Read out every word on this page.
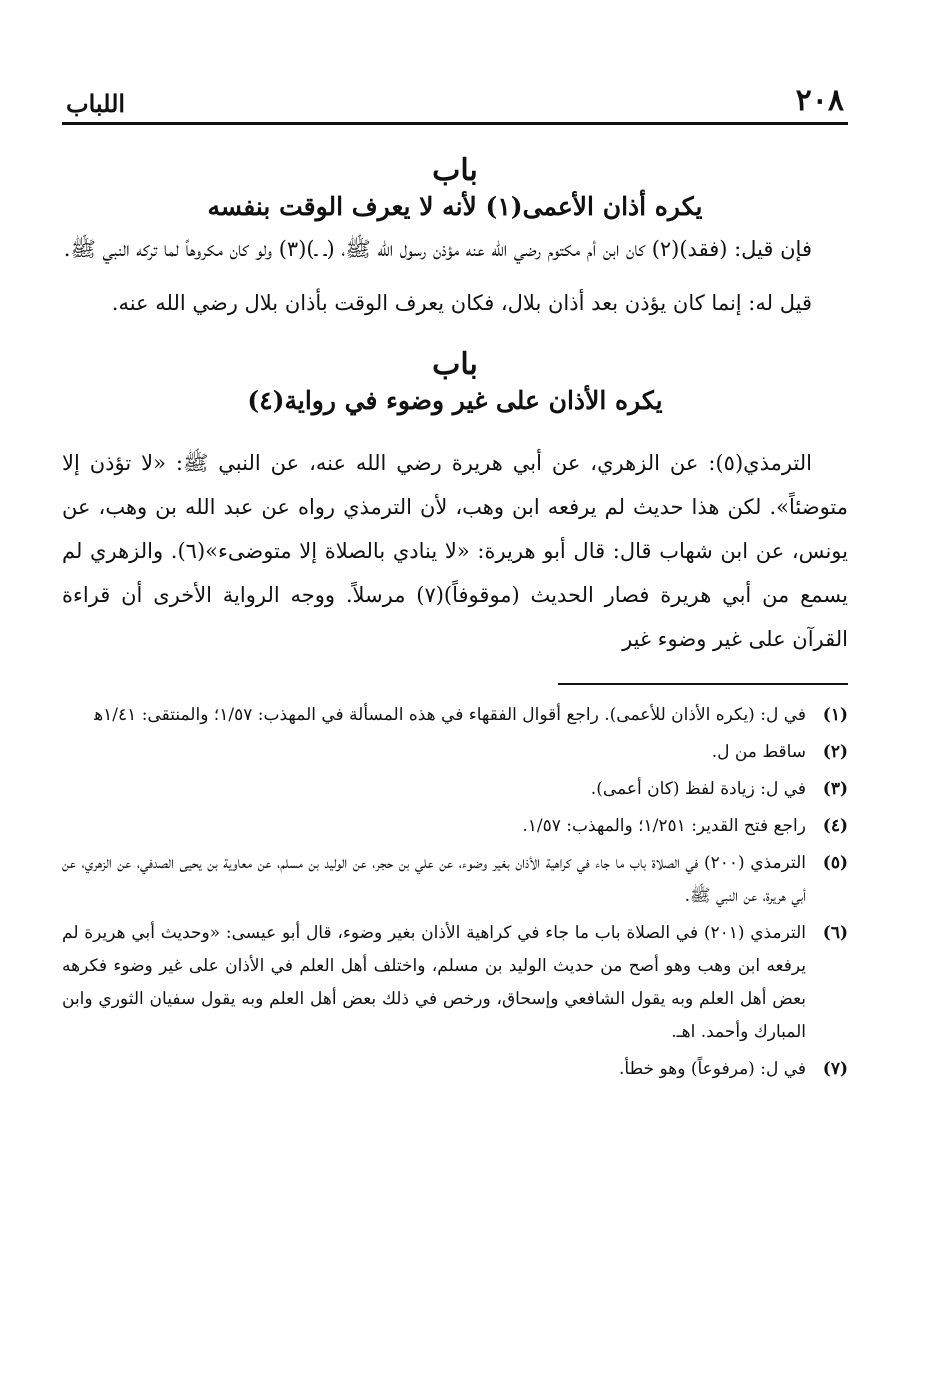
٢٠٨
اللباب
باب
يكره أذان الأعمى(١) لأنه لا يعرف الوقت بنفسه

فإن قيل: (فقد)(٢) كان ابن أم مكتوم رضي الله عنه مؤذن رسول الله ﷺ، (ـ ـ)(٣) ولو كان مكروهاً لما تركه النبي ﷺ.

قيل له: إنما كان يؤذن بعد أذان بلال، فكان يعرف الوقت بأذان بلال رضي الله عنه.

باب
يكره الأذان على غير وضوء في رواية(٤)

الترمذي(٥): عن الزهري، عن أبي هريرة رضي الله عنه، عن النبي ﷺ: «لا تؤذن إلا متوضئاً». لكن هذا حديث لم يرفعه ابن وهب، لأن الترمذي رواه عن عبد الله بن وهب، عن يونس، عن ابن شهاب قال: قال أبو هريرة: «لا ينادي بالصلاة إلا متوضىء»(٦). والزهري لم يسمع من أبي هريرة فصار الحديث (موقوفاً)(٧) مرسلاً. ووجه الرواية الأخرى أن قراءة القرآن على غير وضوء غير

(١)
في ل: (يكره الأذان للأعمى). راجع أقوال الفقهاء في هذه المسألة في المهذب: ١/٥٧؛ والمنتقى: ١/٤١ﻫ
(٢)
ساقط من ل.
(٣)
في ل: زيادة لفظ (كان أعمى).
(٤)
راجع فتح القدير: ١/٢٥١؛ والمهذب: ١/٥٧.
(٥)
الترمذي (٢٠٠) في الصلاة باب ما جاء في كراهية الأذان بغير وضوء، عن علي بن حجر، عن الوليد بن مسلم، عن معاوية بن يحيى الصدفي، عن الزهري، عن أبي هريرة، عن النبي ﷺ.
(٦)
الترمذي (٢٠١) في الصلاة باب ما جاء في كراهية الأذان بغير وضوء، قال أبو عيسى: «وحديث أبي هريرة لم يرفعه ابن وهب وهو أصح من حديث الوليد بن مسلم، واختلف أهل العلم في الأذان على غير وضوء فكرهه بعض أهل العلم وبه يقول الشافعي وإسحاق، ورخص في ذلك بعض أهل العلم وبه يقول سفيان الثوري وابن المبارك وأحمد. اهـ.
(٧)
في ل: (مرفوعاً) وهو خطأ.
